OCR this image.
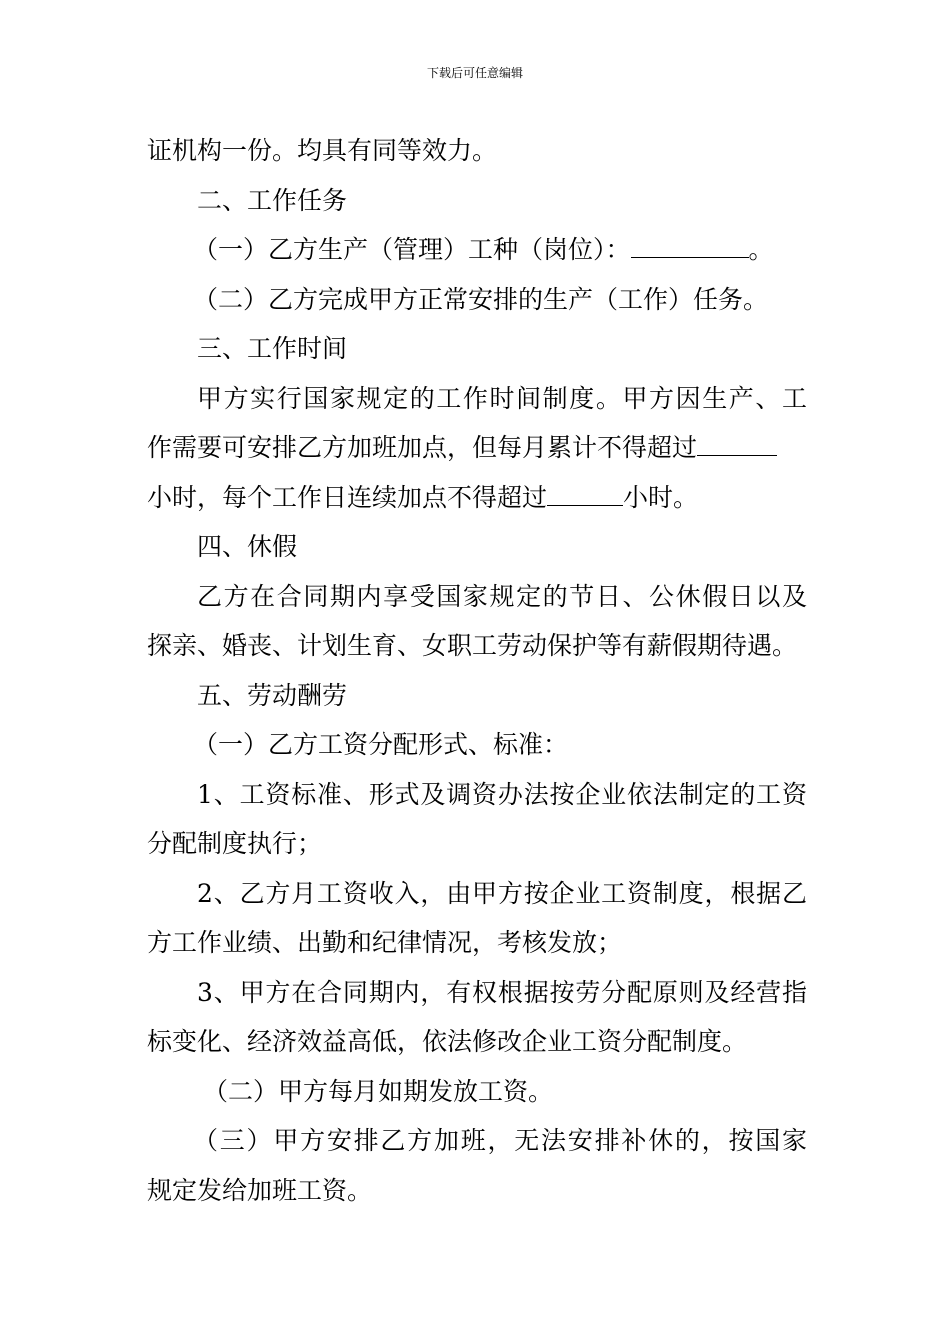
下载后可任意编辑
证机构一份。均具有同等效力。
二、工作任务
（一）乙方生产（管理）工种（岗位）：	。
（二）乙方完成甲方正常安排的生产（工作）任务。
三、工作时间
甲方实行国家规定的工作时间制度。甲方因生产、工
作需要可安排乙方加班加点，但每月累计不得超过
小时，每个工作日连续加点不得超过	小时。
四、休假
乙方在合同期内享受国家规定的节日、公休假日以及
探亲、婚丧、计划生育、女职工劳动保护等有薪假期待遇。
五、劳动酬劳
（一）乙方工资分配形式、标准：
1、工资标准、形式及调资办法按企业依法制定的工资
分配制度执行；
2、乙方月工资收入，由甲方按企业工资制度，根据乙
方工作业绩、出勤和纪律情况，考核发放；
3、甲方在合同期内，有权根据按劳分配原则及经营指
标变化、经济效益高低，依法修改企业工资分配制度。
（二）甲方每月如期发放工资。
（三）甲方安排乙方加班，无法安排补休的，按国家
规定发给加班工资。
